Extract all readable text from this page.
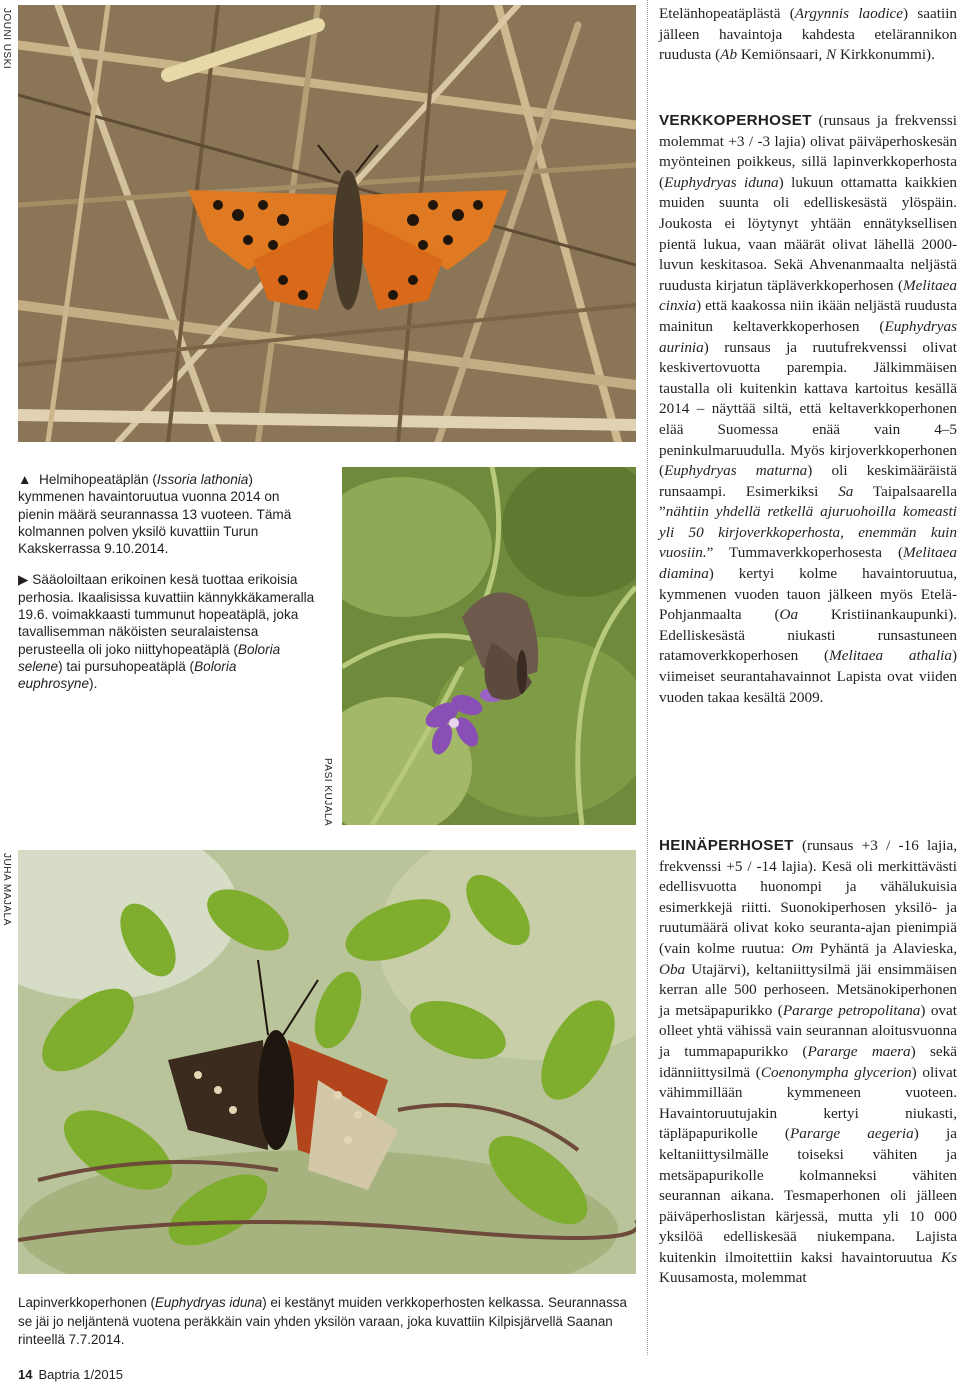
JOUNI USKI
PASI KUJALA
JUHA MAJALA

▲ Helmihopeatäplän (Issoria lathonia) kymmenen havaintoruutua vuonna 2014 on pienin määrä seurannassa 13 vuoteen. Tämä kolmannen polven yksilö kuvattiin Turun Kakskerrassa 9.10.2014.

▶ Sääoloiltaan erikoinen kesä tuottaa erikoisia perhosia. Ikaalisissa kuvattiin kännykkäkameralla 19.6. voimakkaasti tummunut hopeatäplä, joka tavallisemman näköisten seuralaistensa perusteella oli joko niittyhopeatäplä (Boloria selene) tai pursuhopeatäplä (Boloria euphrosyne).

Lapinverkkoperhonen (Euphydryas iduna) ei kestänyt muiden verkkoperhosten kelkassa. Seurannassa se jäi jo neljäntenä vuotena peräkkäin vain yhden yksilön varaan, joka kuvattiin Kilpisjärvellä Saanan rinteellä 7.7.2014.
14 Baptria 1/2015

Etelänhopeatäplästä (Argynnis laodice) saatiin jälleen havaintoja kahdesta etelärannikon ruudusta (Ab Kemiönsaari, N Kirkkonummi).

VERKKOPERHOSET (runsaus ja frekvenssi molemmat +3 / -3 lajia) olivat päiväperhoskesän myönteinen poikkeus, sillä lapinverkkoperhosta (Euphydryas iduna) lukuun ottamatta kaikkien muiden suunta oli edelliskesästä ylöspäin. Joukosta ei löytynyt yhtään ennätyksellisen pientä lukua, vaan määrät olivat lähellä 2000-luvun keskitasoa. Sekä Ahvenanmaalta neljästä ruudusta kirjatun täpläverkkoperhosen (Melitaea cinxia) että kaakossa niin ikään neljästä ruudusta mainitun keltaverkkoperhosen (Euphydryas aurinia) runsaus ja ruutufrekvenssi olivat keskivertovuotta parempia. Jälkimmäisen taustalla oli kuitenkin kattava kartoitus kesällä 2014 – näyttää siltä, että keltaverkkoperhonen elää Suomessa enää vain 4–5 peninkulmaruudulla. Myös kirjoverkkoperhonen (Euphydryas maturna) oli keskimääräistä runsaampi. Esimerkiksi Sa Taipalsaarella ”nähtiin yhdellä retkellä ajuruohoilla komeasti yli 50 kirjoverkkoperhosta, enemmän kuin vuosiin.” Tummaverkkoperhosesta (Melitaea diamina) kertyi kolme havaintoruutua, kymmenen vuoden tauon jälkeen myös Etelä-Pohjanmaalta (Oa Kristiinankaupunki). Edelliskesästä niukasti runsastuneen ratamoverkkoperhosen (Melitaea athalia) viimeiset seurantahavainnot Lapista ovat viiden vuoden takaa kesältä 2009.

HEINÄPERHOSET (runsaus +3 / -16 lajia, frekvenssi +5 / -14 lajia). Kesä oli merkittävästi edellisvuotta huonompi ja vähälukuisia esimerkkejä riitti. Suonokiperhosen yksilö- ja ruutumäärä olivat koko seuranta-ajan pienimpiä (vain kolme ruutua: Om Pyhäntä ja Alavieska, Oba Utajärvi), keltaniittysilmä jäi ensimmäisen kerran alle 500 perhoseen. Metsänokiperhonen ja metsäpapurikko (Pararge petropolitana) ovat olleet yhtä vähissä vain seurannan aloitusvuonna ja tummapapurikko (Pararge maera) sekä idänniittysilmä (Coenonympha glycerion) olivat vähimmillään kymmeneen vuoteen. Havaintoruutujakin kertyi niukasti, täpläpapurikolle (Pararge aegeria) ja keltaniittysilmälle toiseksi vähiten ja metsäpapurikolle kolmanneksi vähiten seurannan aikana. Tesmaperhonen oli jälleen päiväperhoslistan kärjessä, mutta yli 10 000 yksilöä edelliskesää niukempana. Lajista kuitenkin ilmoitettiin kaksi havaintoruutua Ks Kuusamosta, molemmat
